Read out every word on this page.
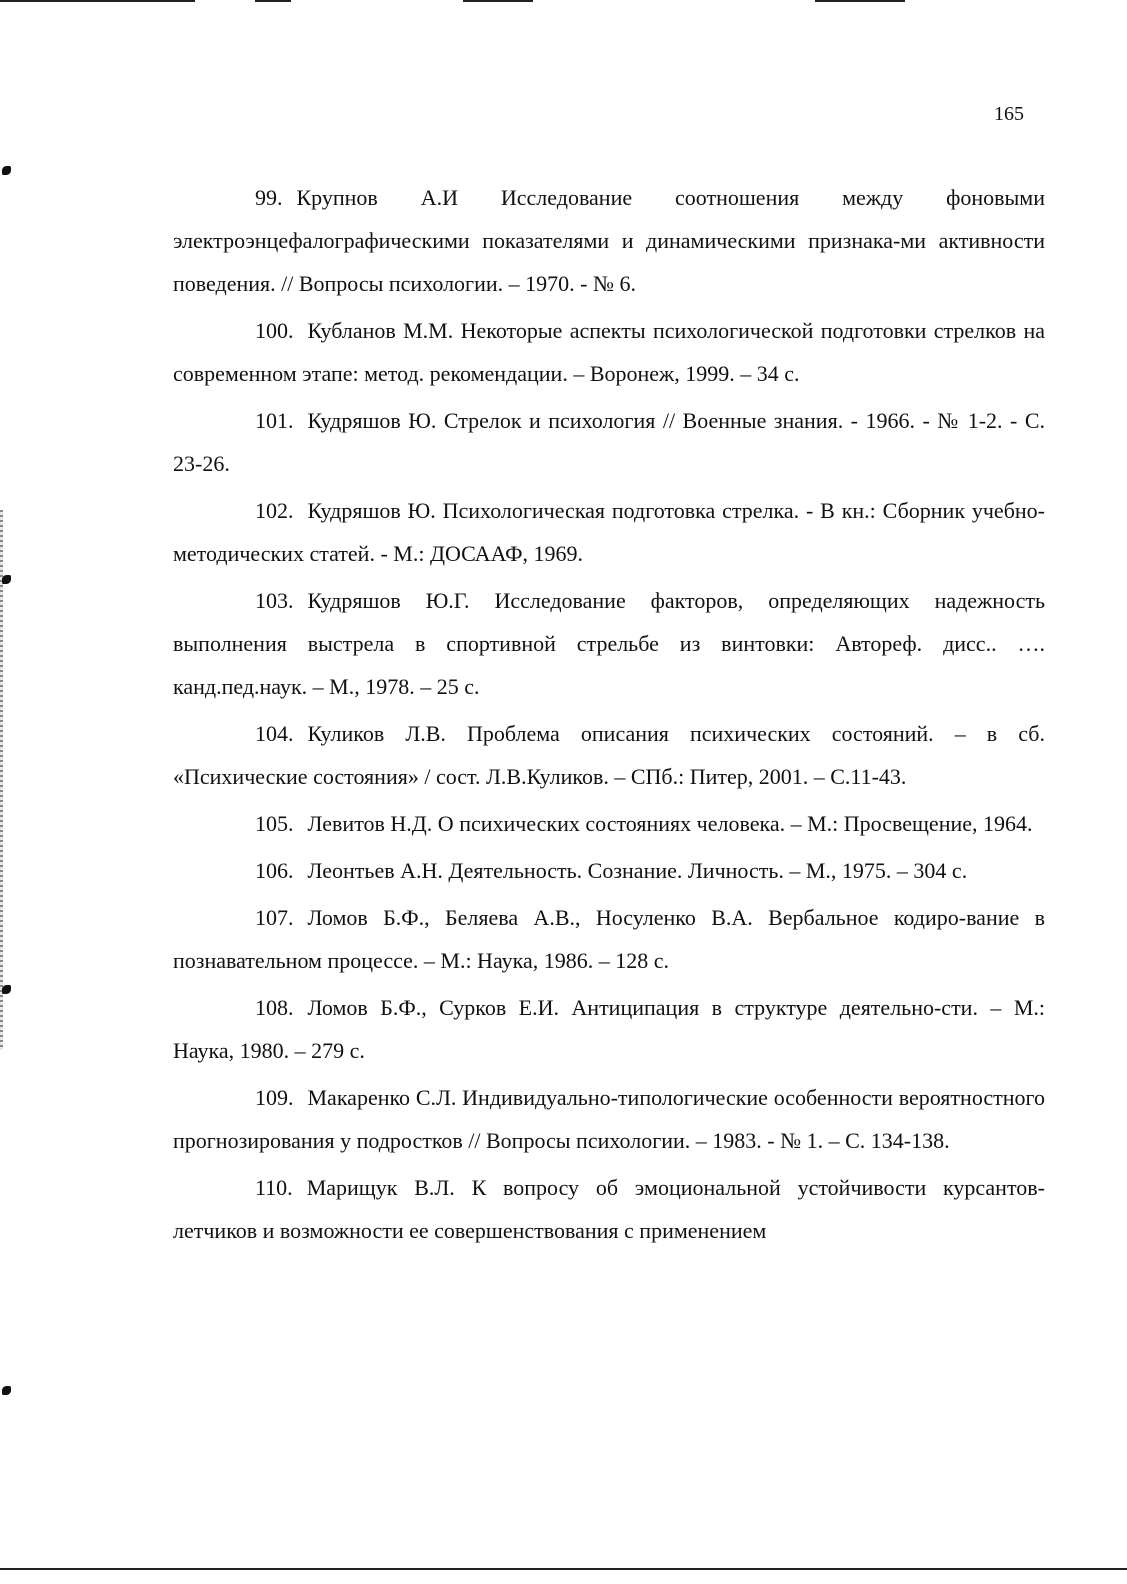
165

99. Крупнов А.И Исследование соотношения между фоновыми электроэнцефалографическими показателями и динамическими признака-ми активности поведения. // Вопросы психологии. – 1970. - № 6.

100. Кубланов М.М. Некоторые аспекты психологической подготовки стрелков на современном этапе: метод. рекомендации. – Воронеж, 1999. – 34 с.

101. Кудряшов Ю. Стрелок и психология // Военные знания. - 1966. - № 1-2. - С. 23-26.

102. Кудряшов Ю. Психологическая подготовка стрелка. - В кн.: Сборник учебно-методических статей. - М.: ДОСААФ, 1969.

103. Кудряшов Ю.Г. Исследование факторов, определяющих надежность выполнения выстрела в спортивной стрельбе из винтовки: Автореф. дисс.. …. канд.пед.наук. – М., 1978. – 25 с.

104. Куликов Л.В. Проблема описания психических состояний. – в сб. «Психические состояния» / сост. Л.В.Куликов. – СПб.: Питер, 2001. – С.11-43.

105. Левитов Н.Д. О психических состояниях человека. – М.: Просвещение, 1964.

106. Леонтьев А.Н. Деятельность. Сознание. Личность. – М., 1975. – 304 с.

107. Ломов Б.Ф., Беляева А.В., Носуленко В.А. Вербальное кодиро-вание в познавательном процессе. – М.: Наука, 1986. – 128 с.

108. Ломов Б.Ф., Сурков Е.И. Антиципация в структуре деятельно-сти. – М.: Наука, 1980. – 279 с.

109. Макаренко С.Л. Индивидуально-типологические особенности вероятностного прогнозирования у подростков // Вопросы психологии. – 1983. - № 1. – С. 134-138.

110. Марищук В.Л. К вопросу об эмоциональной устойчивости курсантов-летчиков и возможности ее совершенствования с применением
